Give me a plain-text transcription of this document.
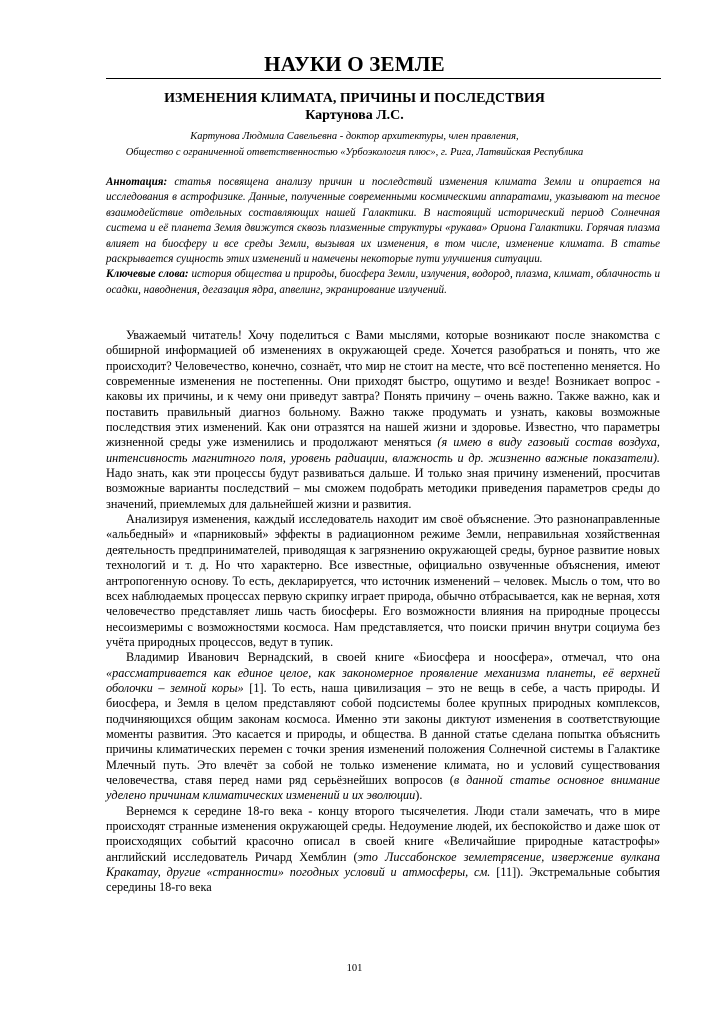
НАУКИ О ЗЕМЛЕ
ИЗМЕНЕНИЯ КЛИМАТА, ПРИЧИНЫ И ПОСЛЕДСТВИЯ
Картунова Л.С.
Картунова Людмила Савельевна - доктор архитектуры, член правления,
Общество с ограниченной ответственностью «Урбоэкология плюс», г. Рига, Латвийская Республика
Аннотация: статья посвящена анализу причин и последствий изменения климата Земли и опирается на исследования в астрофизике. Данные, полученные современными космическими аппаратами, указывают на тесное взаимодействие отдельных составляющих нашей Галактики. В настоящий исторический период Солнечная система и её планета Земля движутся сквозь плазменные структуры «рукава» Ориона Галактики. Горячая плазма влияет на биосферу и все среды Земли, вызывая их изменения, в том числе, изменение климата. В статье раскрывается сущность этих изменений и намечены некоторые пути улучшения ситуации.
Ключевые слова: история общества и природы, биосфера Земли, излучения, водород, плазма, климат, облачность и осадки, наводнения, дегазация ядра, апвелинг, экранирование излучений.

Уважаемый читатель! Хочу поделиться с Вами мыслями, которые возникают после знакомства с обширной информацией об изменениях в окружающей среде. Хочется разобраться и понять, что же происходит? Человечество, конечно, сознаёт, что мир не стоит на месте, что всё постепенно меняется. Но современные изменения не постепенны. Они приходят быстро, ощутимо и везде! Возникает вопрос - каковы их причины, и к чему они приведут завтра? Понять причину – очень важно. Также важно, как и поставить правильный диагноз больному. Важно также продумать и узнать, каковы возможные последствия этих изменений. Как они отразятся на нашей жизни и здоровье. Известно, что параметры жизненной среды уже изменились и продолжают меняться (я имею в виду газовый состав воздуха, интенсивность магнитного поля, уровень радиации, влажность и др. жизненно важные показатели). Надо знать, как эти процессы будут развиваться дальше. И только зная причину изменений, просчитав возможные варианты последствий – мы сможем подобрать методики приведения параметров среды до значений, приемлемых для дальнейшей жизни и развития.

Анализируя изменения, каждый исследователь находит им своё объяснение. Это разнонаправленные «альбедный» и «парниковый» эффекты в радиационном режиме Земли, неправильная хозяйственная деятельность предпринимателей, приводящая к загрязнению окружающей среды, бурное развитие новых технологий и т. д. Но что характерно. Все известные, официально озвученные объяснения, имеют антропогенную основу. То есть, декларируется, что источник изменений – человек. Мысль о том, что во всех наблюдаемых процессах первую скрипку играет природа, обычно отбрасывается, как не верная, хотя человечество представляет лишь часть биосферы. Его возможности влияния на природные процессы несоизмеримы с возможностями космоса. Нам представляется, что поиски причин внутри социума без учёта природных процессов, ведут в тупик.

Владимир Иванович Вернадский, в своей книге «Биосфера и ноосфера», отмечал, что она «рассматривается как единое целое, как закономерное проявление механизма планеты, её верхней оболочки – земной коры» [1]. То есть, наша цивилизация – это не вещь в себе, а часть природы. И биосфера, и Земля в целом представляют собой подсистемы более крупных природных комплексов, подчиняющихся общим законам космоса. Именно эти законы диктуют изменения в соответствующие моменты развития. Это касается и природы, и общества. В данной статье сделана попытка объяснить причины климатических перемен с точки зрения изменений положения Солнечной системы в Галактике Млечный путь. Это влечёт за собой не только изменение климата, но и условий существования человечества, ставя перед нами ряд серьёзнейших вопросов (в данной статье основное внимание уделено причинам климатических изменений и их эволюции).

Вернемся к середине 18-го века - концу второго тысячелетия. Люди стали замечать, что в мире происходят странные изменения окружающей среды. Недоумение людей, их беспокойство и даже шок от происходящих событий красочно описал в своей книге «Величайшие природные катастрофы» английский исследователь Ричард Хемблин (это Лиссабонское землетрясение, извержение вулкана Кракатау, другие «странности» погодных условий и атмосферы, см. [11]). Экстремальные события середины 18-го века

101
